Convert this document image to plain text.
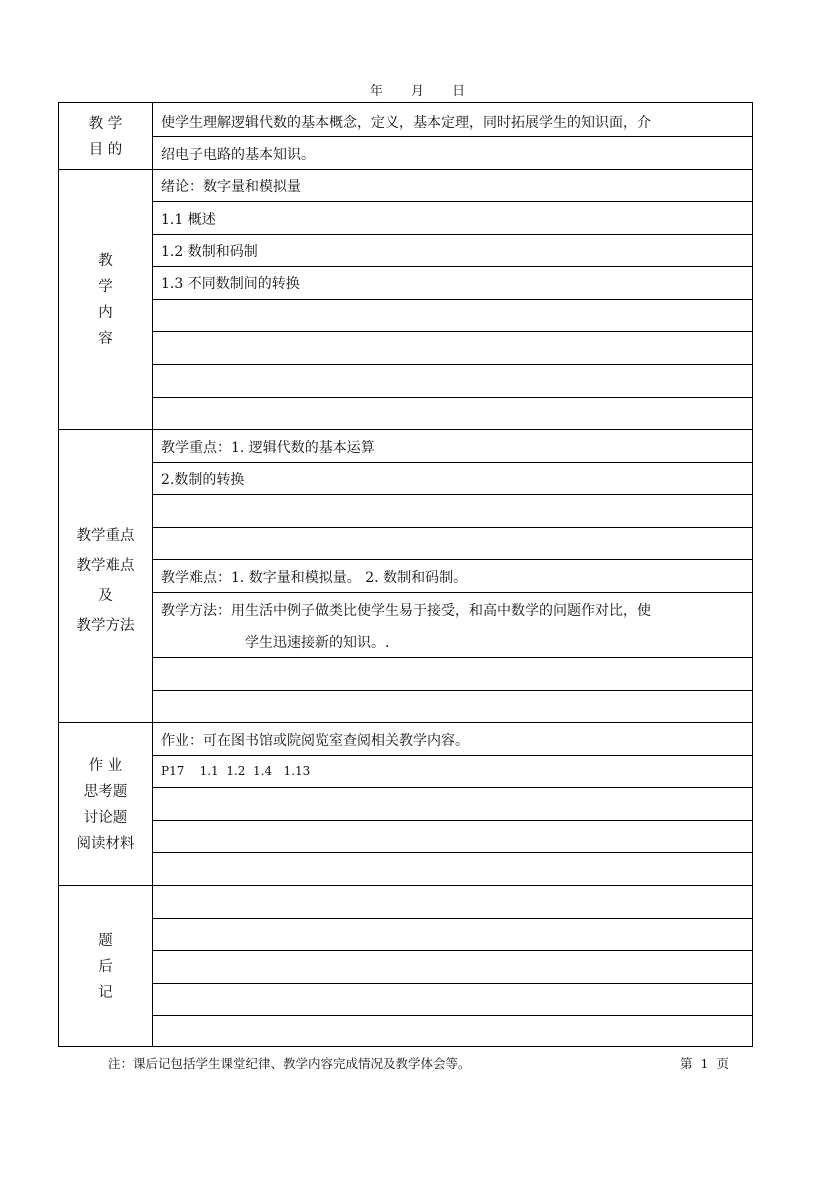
年 月 日
教 学
目 的
使学生理解逻辑代数的基本概念，定义，基本定理，同时拓展学生的知识面，介
绍电子电路的基本知识。
教
学
内
容
绪论：数字量和模拟量
1.1 概述
1.2 数制和码制
1.3 不同数制间的转换
教学重点
教学难点
及
教学方法
教学重点：1. 逻辑代数的基本运算
2.数制的转换
教学难点：1. 数字量和模拟量。 2. 数制和码制。
教学方法：用生活中例子做类比使学生易于接受，和高中数学的问题作对比，使
学生迅速接新的知识。.
作 业
思考题
讨论题
阅读材料
作业：可在图书馆或院阅览室查阅相关教学内容。
P17    1.1  1.2  1.4   1.13
题
后
记
注：课后记包括学生课堂纪律、教学内容完成情况及教学体会等。	第 1 页
